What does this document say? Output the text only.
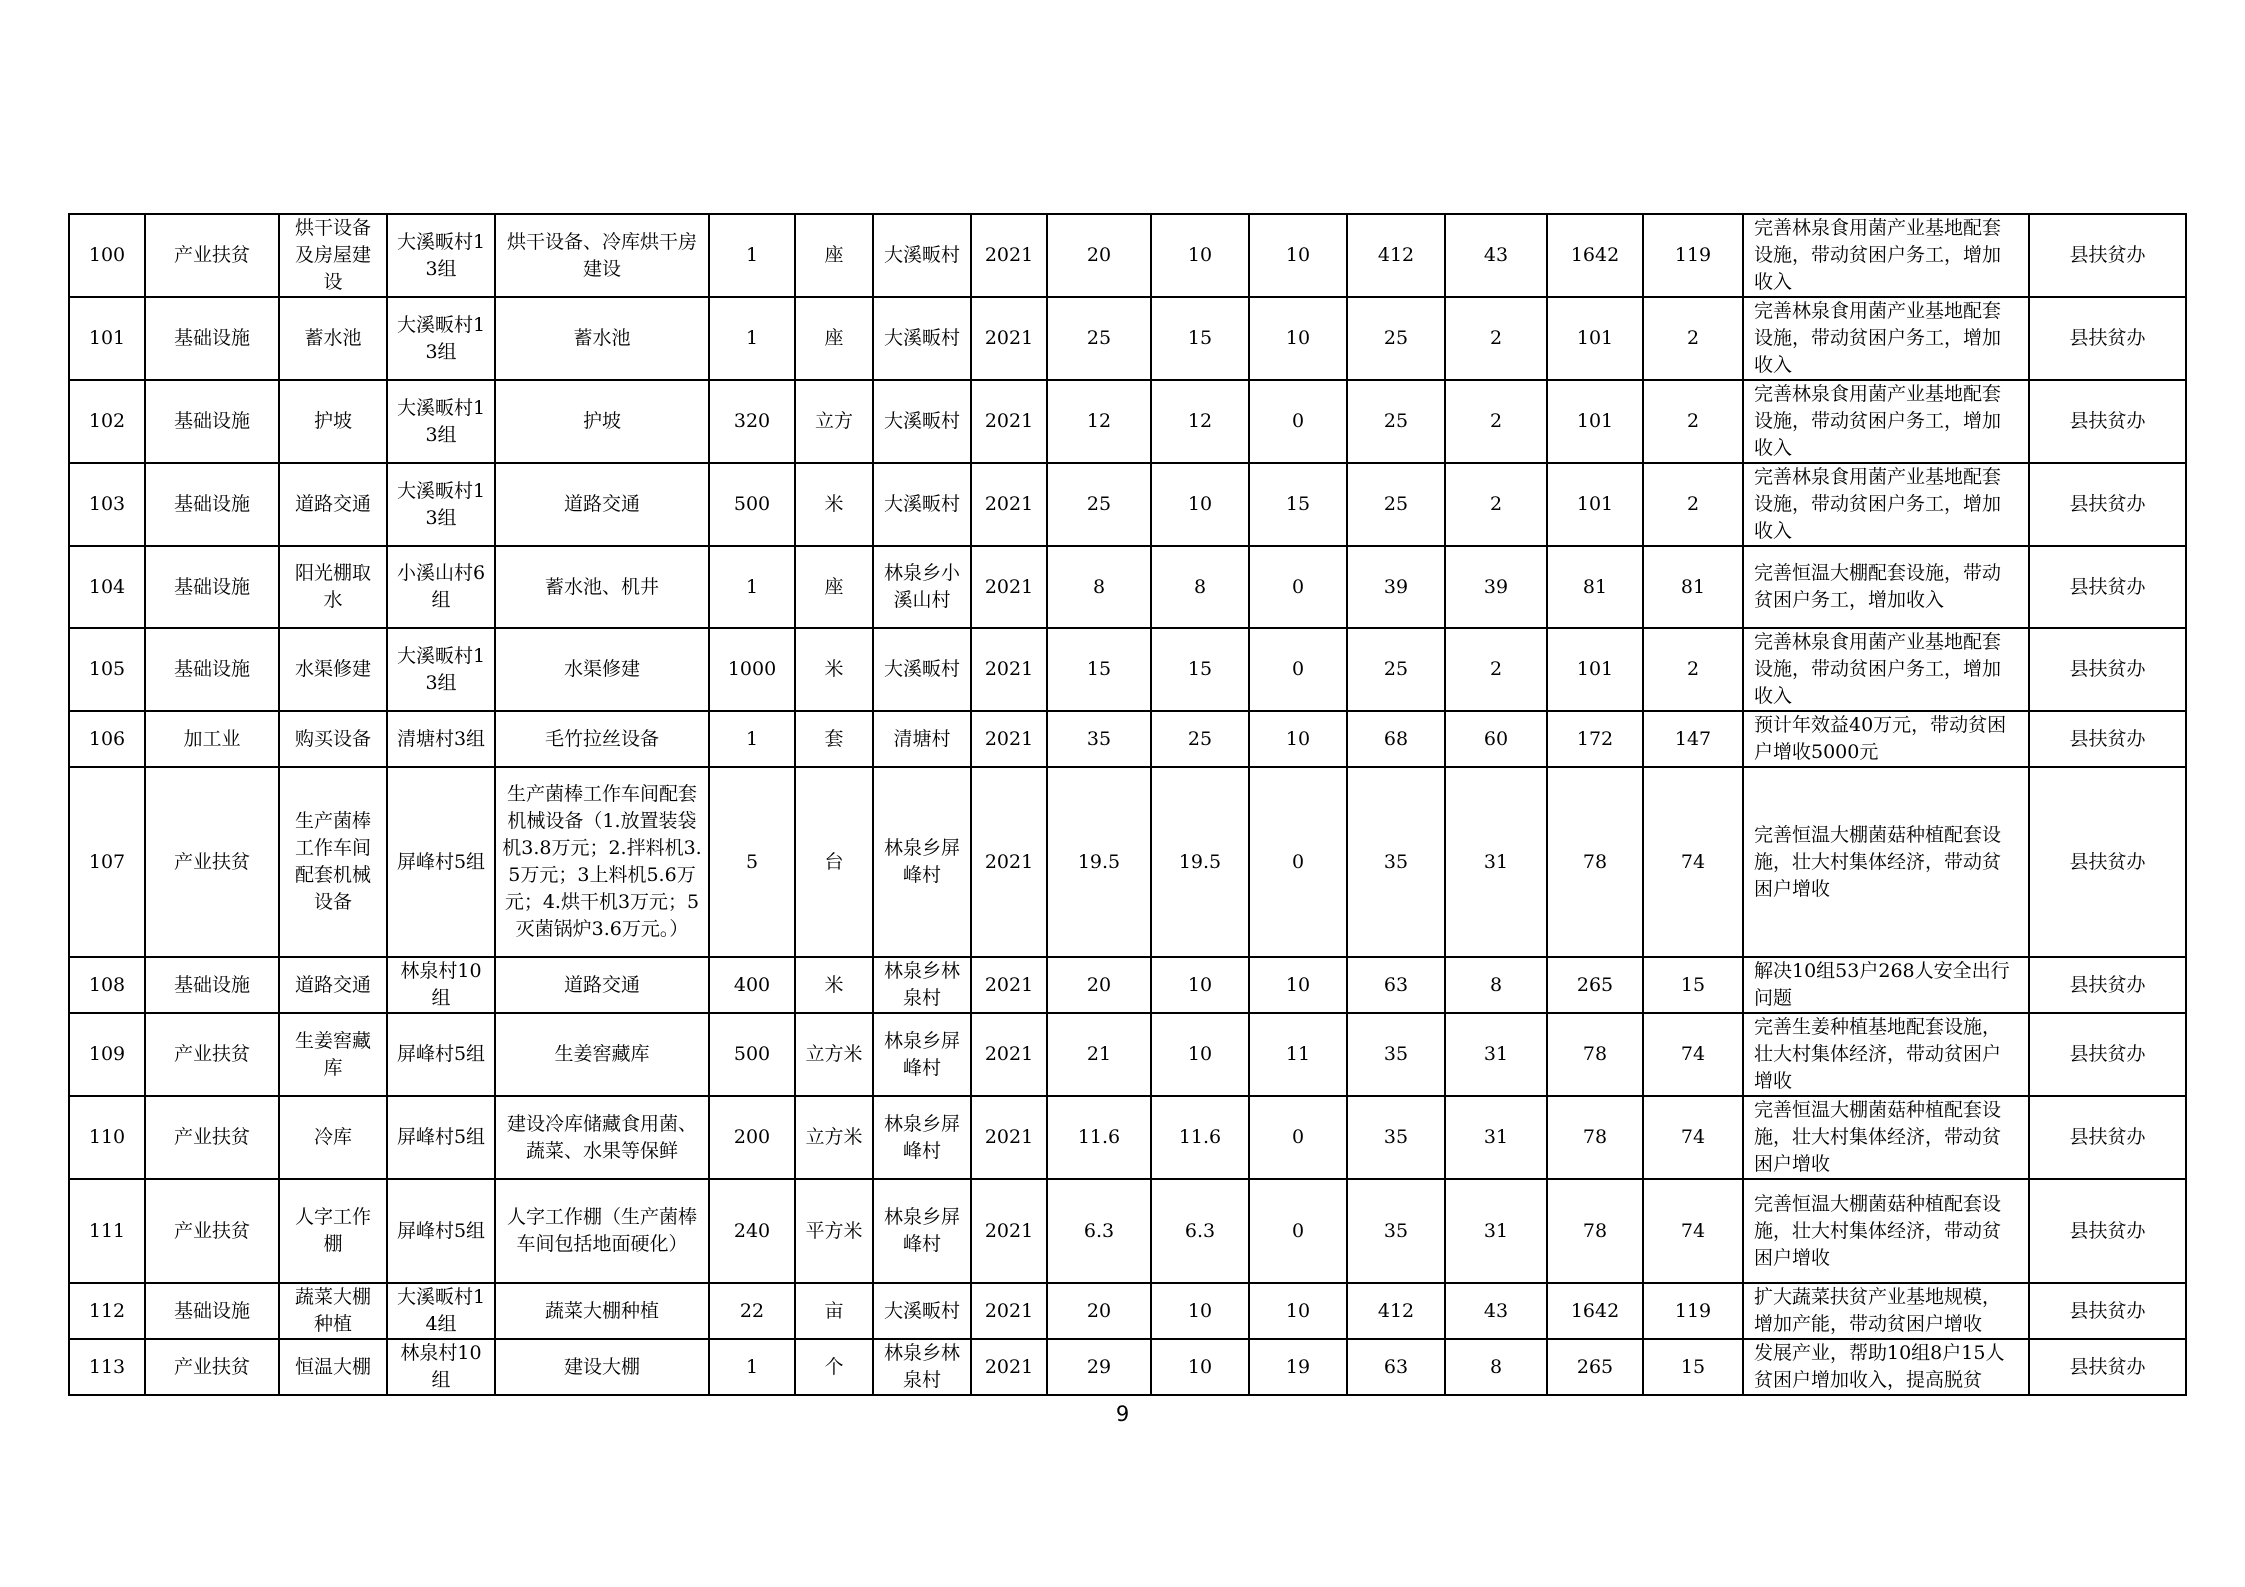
100	产业扶贫	烘干设备及房屋建设	大溪畈村13组	烘干设备、冷库烘干房建设	1	座	大溪畈村	2021	20	10	10	412	43	1642	119	完善林泉食用菌产业基地配套设施，带动贫困户务工，增加收入	县扶贫办
101	基础设施	蓄水池	大溪畈村13组	蓄水池	1	座	大溪畈村	2021	25	15	10	25	2	101	2	完善林泉食用菌产业基地配套设施，带动贫困户务工，增加收入	县扶贫办
102	基础设施	护坡	大溪畈村13组	护坡	320	立方	大溪畈村	2021	12	12	0	25	2	101	2	完善林泉食用菌产业基地配套设施，带动贫困户务工，增加收入	县扶贫办
103	基础设施	道路交通	大溪畈村13组	道路交通	500	米	大溪畈村	2021	25	10	15	25	2	101	2	完善林泉食用菌产业基地配套设施，带动贫困户务工，增加收入	县扶贫办
104	基础设施	阳光棚取水	小溪山村6组	蓄水池、机井	1	座	林泉乡小溪山村	2021	8	8	0	39	39	81	81	完善恒温大棚配套设施，带动贫困户务工，增加收入	县扶贫办
105	基础设施	水渠修建	大溪畈村13组	水渠修建	1000	米	大溪畈村	2021	15	15	0	25	2	101	2	完善林泉食用菌产业基地配套设施，带动贫困户务工，增加收入	县扶贫办
106	加工业	购买设备	清塘村3组	毛竹拉丝设备	1	套	清塘村	2021	35	25	10	68	60	172	147	预计年效益40万元，带动贫困户增收5000元	县扶贫办
107	产业扶贫	生产菌棒工作车间配套机械设备	屏峰村5组	生产菌棒工作车间配套机械设备（1.放置装袋机3.8万元；2.拌料机3.5万元；3上料机5.6万元；4.烘干机3万元；5灭菌锅炉3.6万元。）	5	台	林泉乡屏峰村	2021	19.5	19.5	0	35	31	78	74	完善恒温大棚菌菇种植配套设施，壮大村集体经济，带动贫困户增收	县扶贫办
108	基础设施	道路交通	林泉村10组	道路交通	400	米	林泉乡林泉村	2021	20	10	10	63	8	265	15	解决10组53户268人安全出行问题	县扶贫办
109	产业扶贫	生姜窖藏库	屏峰村5组	生姜窖藏库	500	立方米	林泉乡屏峰村	2021	21	10	11	35	31	78	74	完善生姜种植基地配套设施，壮大村集体经济，带动贫困户增收	县扶贫办
110	产业扶贫	冷库	屏峰村5组	建设冷库储藏食用菌、蔬菜、水果等保鲜	200	立方米	林泉乡屏峰村	2021	11.6	11.6	0	35	31	78	74	完善恒温大棚菌菇种植配套设施，壮大村集体经济，带动贫困户增收	县扶贫办
111	产业扶贫	人字工作棚	屏峰村5组	人字工作棚（生产菌棒车间包括地面硬化）	240	平方米	林泉乡屏峰村	2021	6.3	6.3	0	35	31	78	74	完善恒温大棚菌菇种植配套设施，壮大村集体经济，带动贫困户增收	县扶贫办
112	基础设施	蔬菜大棚种植	大溪畈村14组	蔬菜大棚种植	22	亩	大溪畈村	2021	20	10	10	412	43	1642	119	扩大蔬菜扶贫产业基地规模，增加产能，带动贫困户增收	县扶贫办
113	产业扶贫	恒温大棚	林泉村10组	建设大棚	1	个	林泉乡林泉村	2021	29	10	19	63	8	265	15	发展产业，帮助10组8户15人贫困户增加收入，提高脱贫	县扶贫办
9
